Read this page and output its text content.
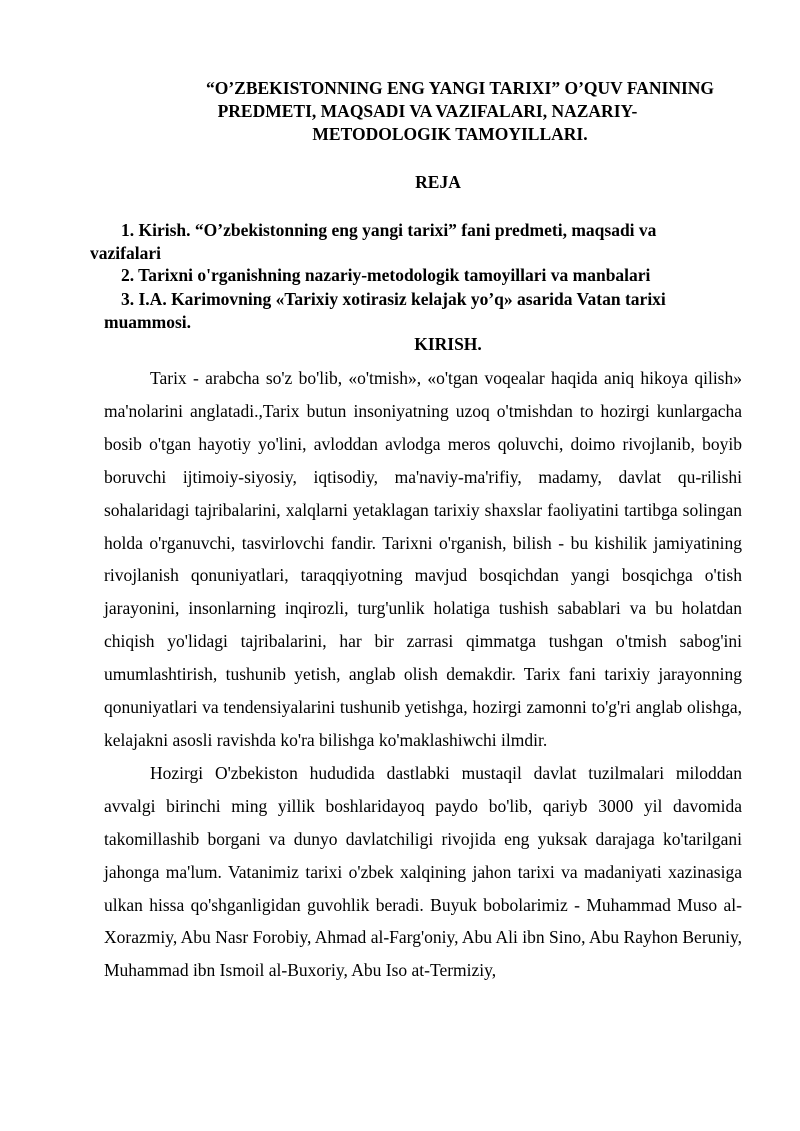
“O’ZBEKISTONNING ENG YANGI TARIXI” O’QUV FANINING
PREDMETI, MAQSADI VA VAZIFALARI, NAZARIY-
METODOLOGIK TAMOYILLARI.
REJA
1. Kirish. “O’zbekistonning eng yangi tarixi” fani predmeti, maqsadi va
vazifalari
2. Tarixni o'rganishning nazariy-metodologik tamoyillari va manbalari
3. I.A. Karimovning «Tarixiy xotirasiz kelajak yo’q» asarida Vatan tarixi
muammosi.
KIRISH.

Tarix - arabcha so'z bo'lib, «o'tmish», «o'tgan voqealar haqida aniq hikoya qilish» ma'nolarini anglatadi.,Tarix butun insoniyatning uzoq o'tmishdan to hozirgi kunlargacha bosib o'tgan hayotiy yo'lini, avloddan avlodga meros qoluvchi, doimo rivojlanib, boyib boruvchi ijtimoiy-siyosiy, iqtisodiy, ma'naviy-ma'rifiy, madamy, davlat qu-rilishi sohalaridagi tajribalarini, xalqlarni yetaklagan tarixiy shaxslar faoliyatini tartibga solingan holda o'rganuvchi, tasvirlovchi fandir. Tarixni o'rganish, bilish - bu kishilik jamiyatining rivojlanish qonuniyatlari, taraqqiyotning mavjud bosqichdan yangi bosqichga o'tish jarayonini, insonlarning inqirozli, turg'unlik holatiga tushish sabablari va bu holatdan chiqish yo'lidagi tajribalarini, har bir zarrasi qimmatga tushgan o'tmish sabog'ini umumlashtirish, tushunib yetish, anglab olish demakdir. Tarix fani tarixiy jarayonning qonuniyatlari va tendensiyalarini tushunib yetishga, hozirgi zamonni to'g'ri anglab olishga, kelajakni asosli ravishda ko'ra bilishga ko'maklashiwchi ilmdir.

Hozirgi O'zbekiston hududida dastlabki mustaqil davlat tuzilmalari miloddan avvalgi birinchi ming yillik boshlaridayoq paydo bo'lib, qariyb 3000 yil davomida takomillashib borgani va dunyo davlatchiligi rivojida eng yuksak darajaga ko'tarilgani jahonga ma'lum. Vatanimiz tarixi o'zbek xalqining jahon tarixi va madaniyati xazinasiga ulkan hissa qo'shganligidan guvohlik beradi. Buyuk bobolarimiz - Muhammad Muso al-Xorazmiy, Abu Nasr Forobiy, Ahmad al-Farg'oniy, Abu Ali ibn Sino, Abu Rayhon Beruniy, Muhammad ibn Ismoil al-Buxoriy, Abu Iso at-Termiziy,
